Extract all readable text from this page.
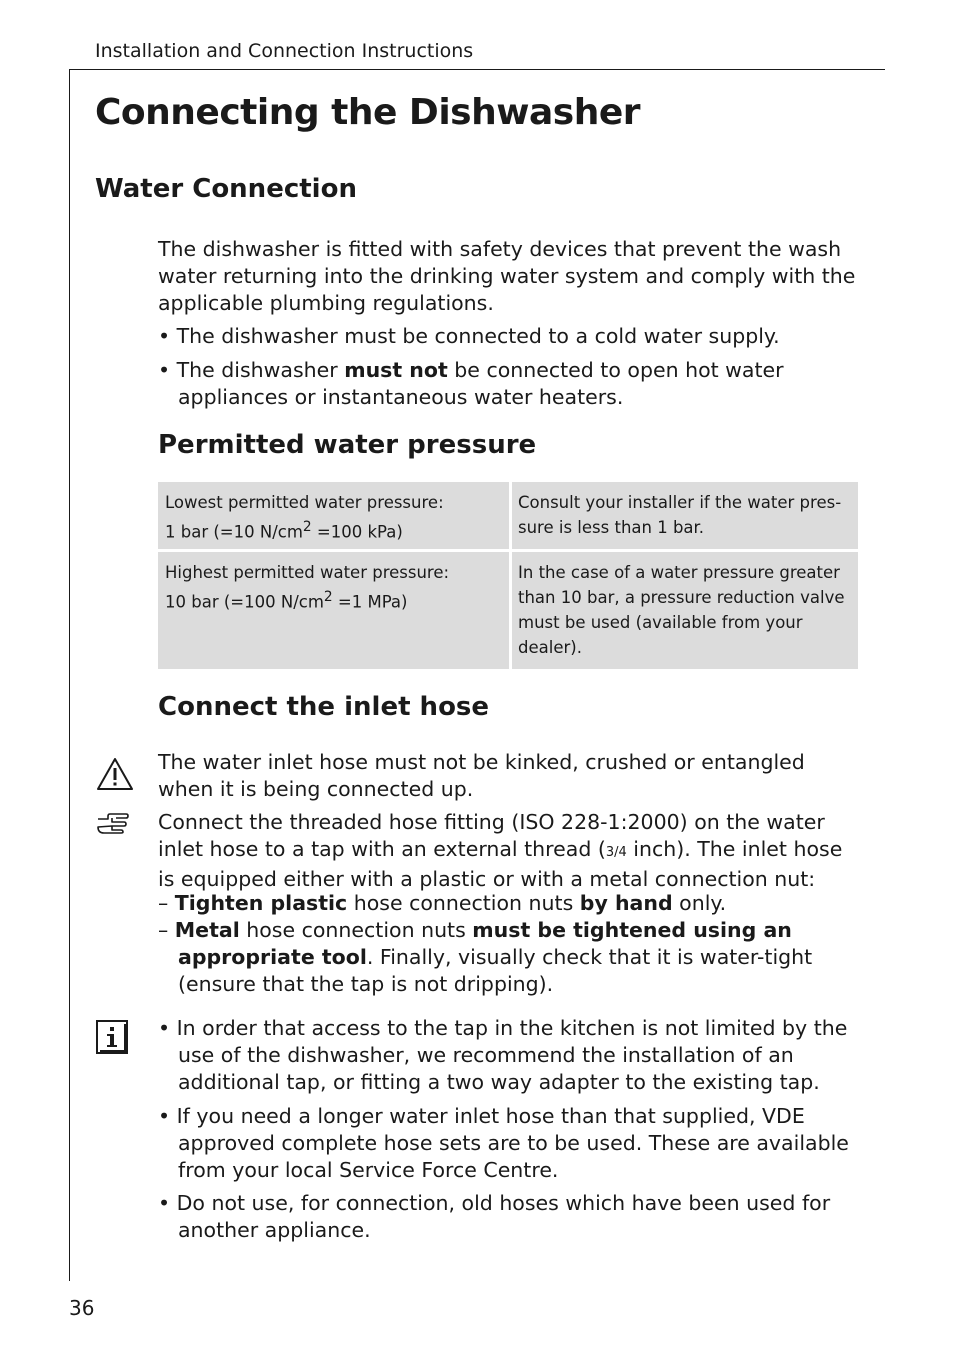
Installation and Connection Instructions
Connecting the Dishwasher
Water Connection
The dishwasher is fitted with safety devices that prevent the wash water returning into the drinking water system and comply with the applicable plumbing regulations.
• The dishwasher must be connected to a cold water supply.
• The dishwasher must not be connected to open hot water appliances or instantaneous water heaters.
Permitted water pressure
Lowest permitted water pressure:
1 bar (=10 $N/cm^2 =100$ kPa)
Consult your installer if the water pres-sure is less than 1 bar.
Highest permitted water pressure:
10 bar (=100 $N/cm^2 =1$ MPa)
In the case of a water pressure greater than 10 bar, a pressure reduction valve must be used (available from your dealer).
Connect the inlet hose
The water inlet hose must not be kinked, crushed or entangled when it is being connected up.
Connect the threaded hose fitting (ISO 228-1:2000) on the water inlet hose to a tap with an external thread (3/4 inch). The inlet hose is equipped either with a plastic or with a metal connection nut:
– Tighten plastic hose connection nuts by hand only.
– Metal hose connection nuts must be tightened using an appropriate tool. Finally, visually check that it is water-tight (ensure that the tap is not dripping).
• In order that access to the tap in the kitchen is not limited by the use of the dishwasher, we recommend the installation of an additional tap, or fitting a two way adapter to the existing tap.
• If you need a longer water inlet hose than that supplied, VDE approved complete hose sets are to be used. These are available from your local Service Force Centre.
• Do not use, for connection, old hoses which have been used for another appliance.
36
